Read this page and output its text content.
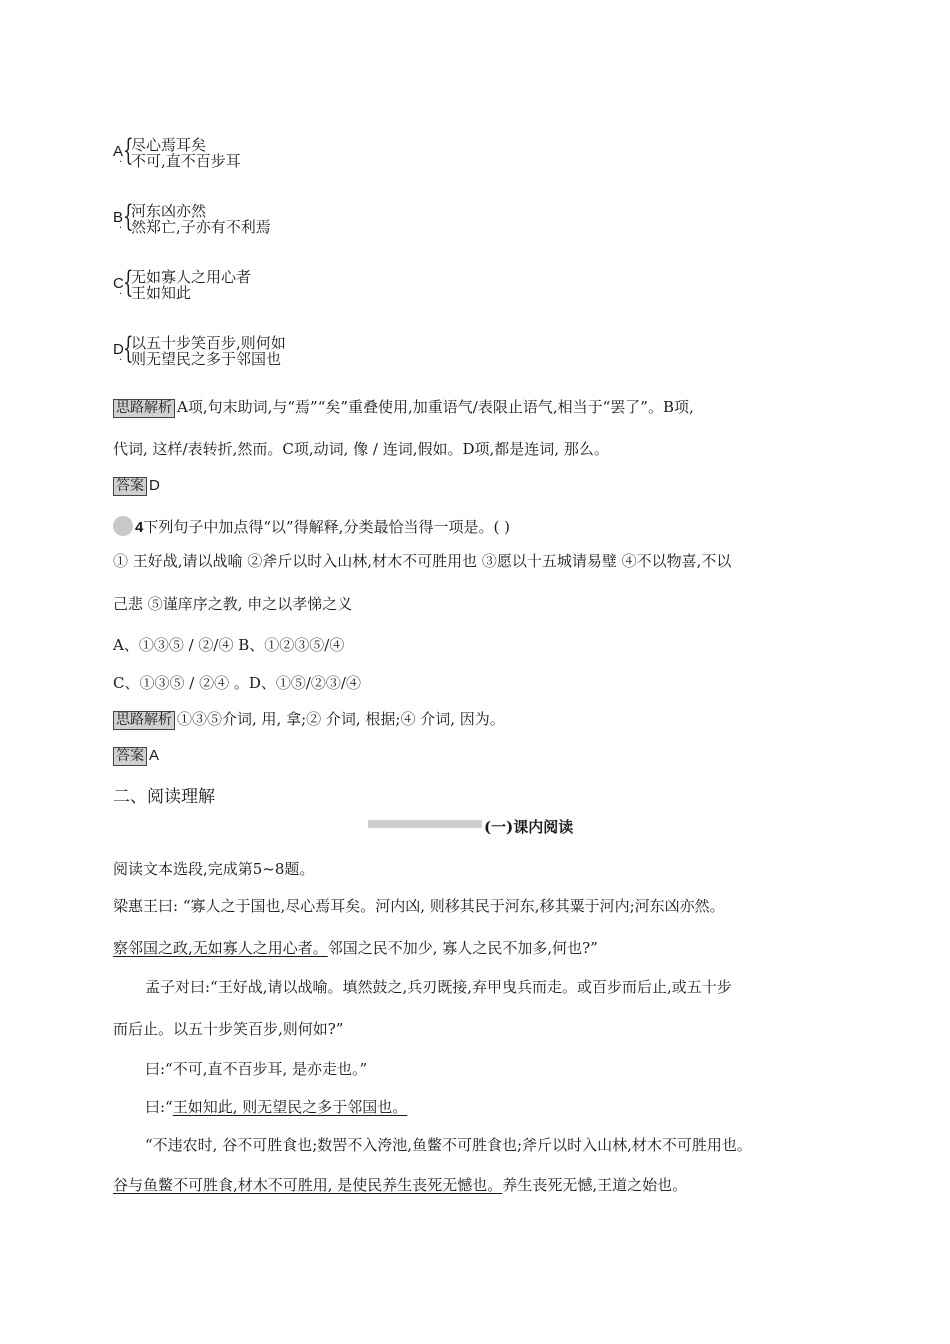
A
· {
尽心焉耳矣
不可,直不百步耳
B
· {
河东凶亦然
然郑亡,子亦有不利焉
C
· {
无如寡人之用心者
王如知此
D
· {
以五十步笑百步,则何如
则无望民之多于邻国也
思路解析 A项,句末助词,与“焉”“矣”重叠使用,加重语气/表限止语气,相当于“罢了”。B项,
代词, 这样/表转折,然而。C项,动词, 像 / 连词,假如。D项,都是连词, 那么。
答案 D
4下列句子中加点得“以”得解释,分类最恰当得一项是。( )
① 王好战,请以战喻 ②斧斤以时入山林,材木不可胜用也 ③愿以十五城请易璧 ④不以物喜,不以
己悲 ⑤谨庠序之教, 申之以孝悌之义
A、①③⑤ / ②/④ B、①②③⑤/④
C、①③⑤ / ②④ 。D、①⑤/②③/④
思路解析 ①③⑤介词, 用, 拿;② 介词, 根据;④ 介词, 因为。
答案 A
二、阅读理解
(一)课内阅读
阅读文本选段,完成第5~8题。
梁惠王曰: “寡人之于国也,尽心焉耳矣。河内凶, 则移其民于河东,移其粟于河内;河东凶亦然。
察邻国之政,无如寡人之用心者。邻国之民不加少, 寡人之民不加多,何也?”
孟子对曰:“王好战,请以战喻。填然鼓之,兵刃既接,弃甲曳兵而走。或百步而后止,或五十步
而后止。以五十步笑百步,则何如?”
曰:“不可,直不百步耳, 是亦走也。”
曰:“王如知此, 则无望民之多于邻国也。
“不违农时, 谷不可胜食也;数罟不入洿池,鱼鳖不可胜食也;斧斤以时入山林,材木不可胜用也。
谷与鱼鳖不可胜食,材木不可胜用, 是使民养生丧死无憾也。养生丧死无憾,王道之始也。
